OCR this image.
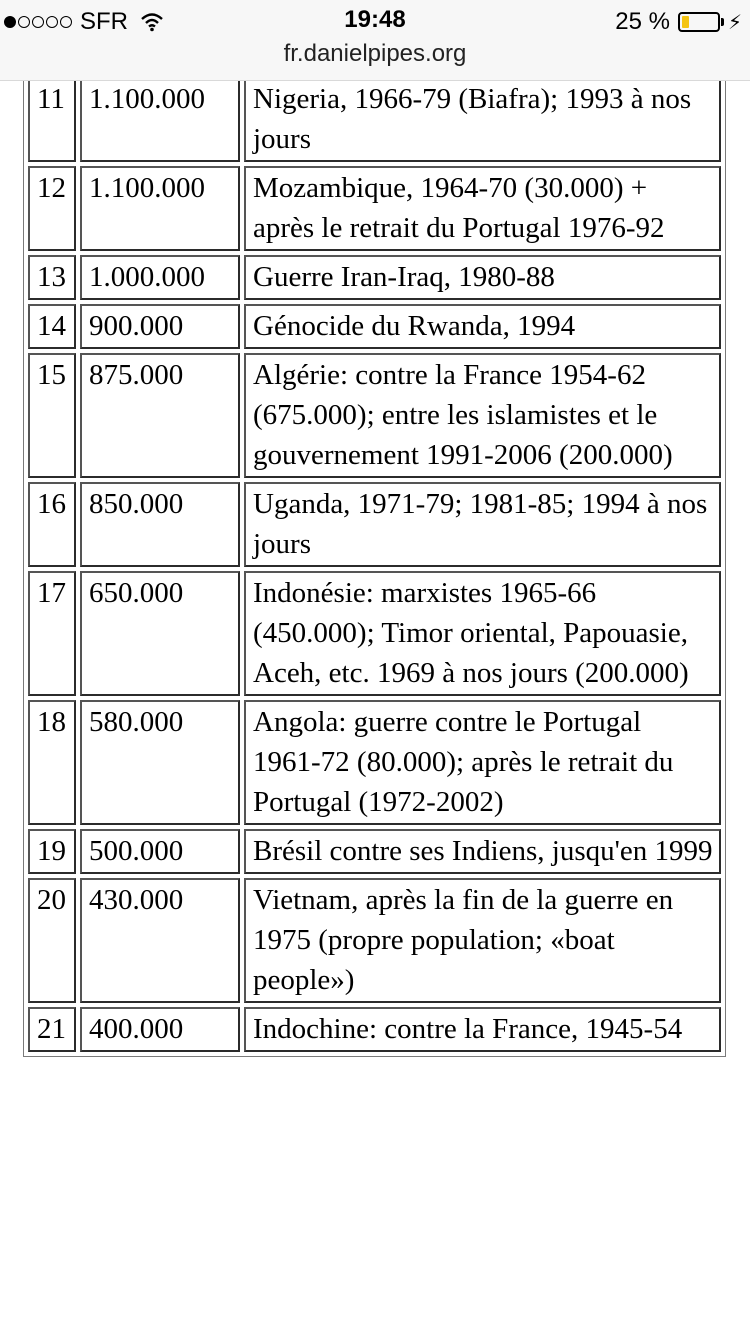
SFR	19:48	25 %	⚡︎
fr.danielpipes.org
11	1.100.000	Nigeria, 1966-79 (Biafra); 1993 à nos jours
12	1.100.000	Mozambique, 1964-70 (30.000) + après le retrait du Portugal 1976-92
13	1.000.000	Guerre Iran-Iraq, 1980-88
14	900.000	Génocide du Rwanda, 1994
15	875.000	Algérie: contre la France 1954-62 (675.000); entre les islamistes et le gouvernement 1991-2006 (200.000)
16	850.000	Uganda, 1971-79; 1981-85; 1994 à nos jours
17	650.000	Indonésie: marxistes 1965-66 (450.000); Timor oriental, Papouasie, Aceh, etc. 1969 à nos jours (200.000)
18	580.000	Angola: guerre contre le Portugal 1961-72 (80.000); après le retrait du Portugal (1972-2002)
19	500.000	Brésil contre ses Indiens, jusqu'en 1999
20	430.000	Vietnam, après la fin de la guerre en 1975 (propre population; «boat people»)
21	400.000	Indochine: contre la France, 1945-54
